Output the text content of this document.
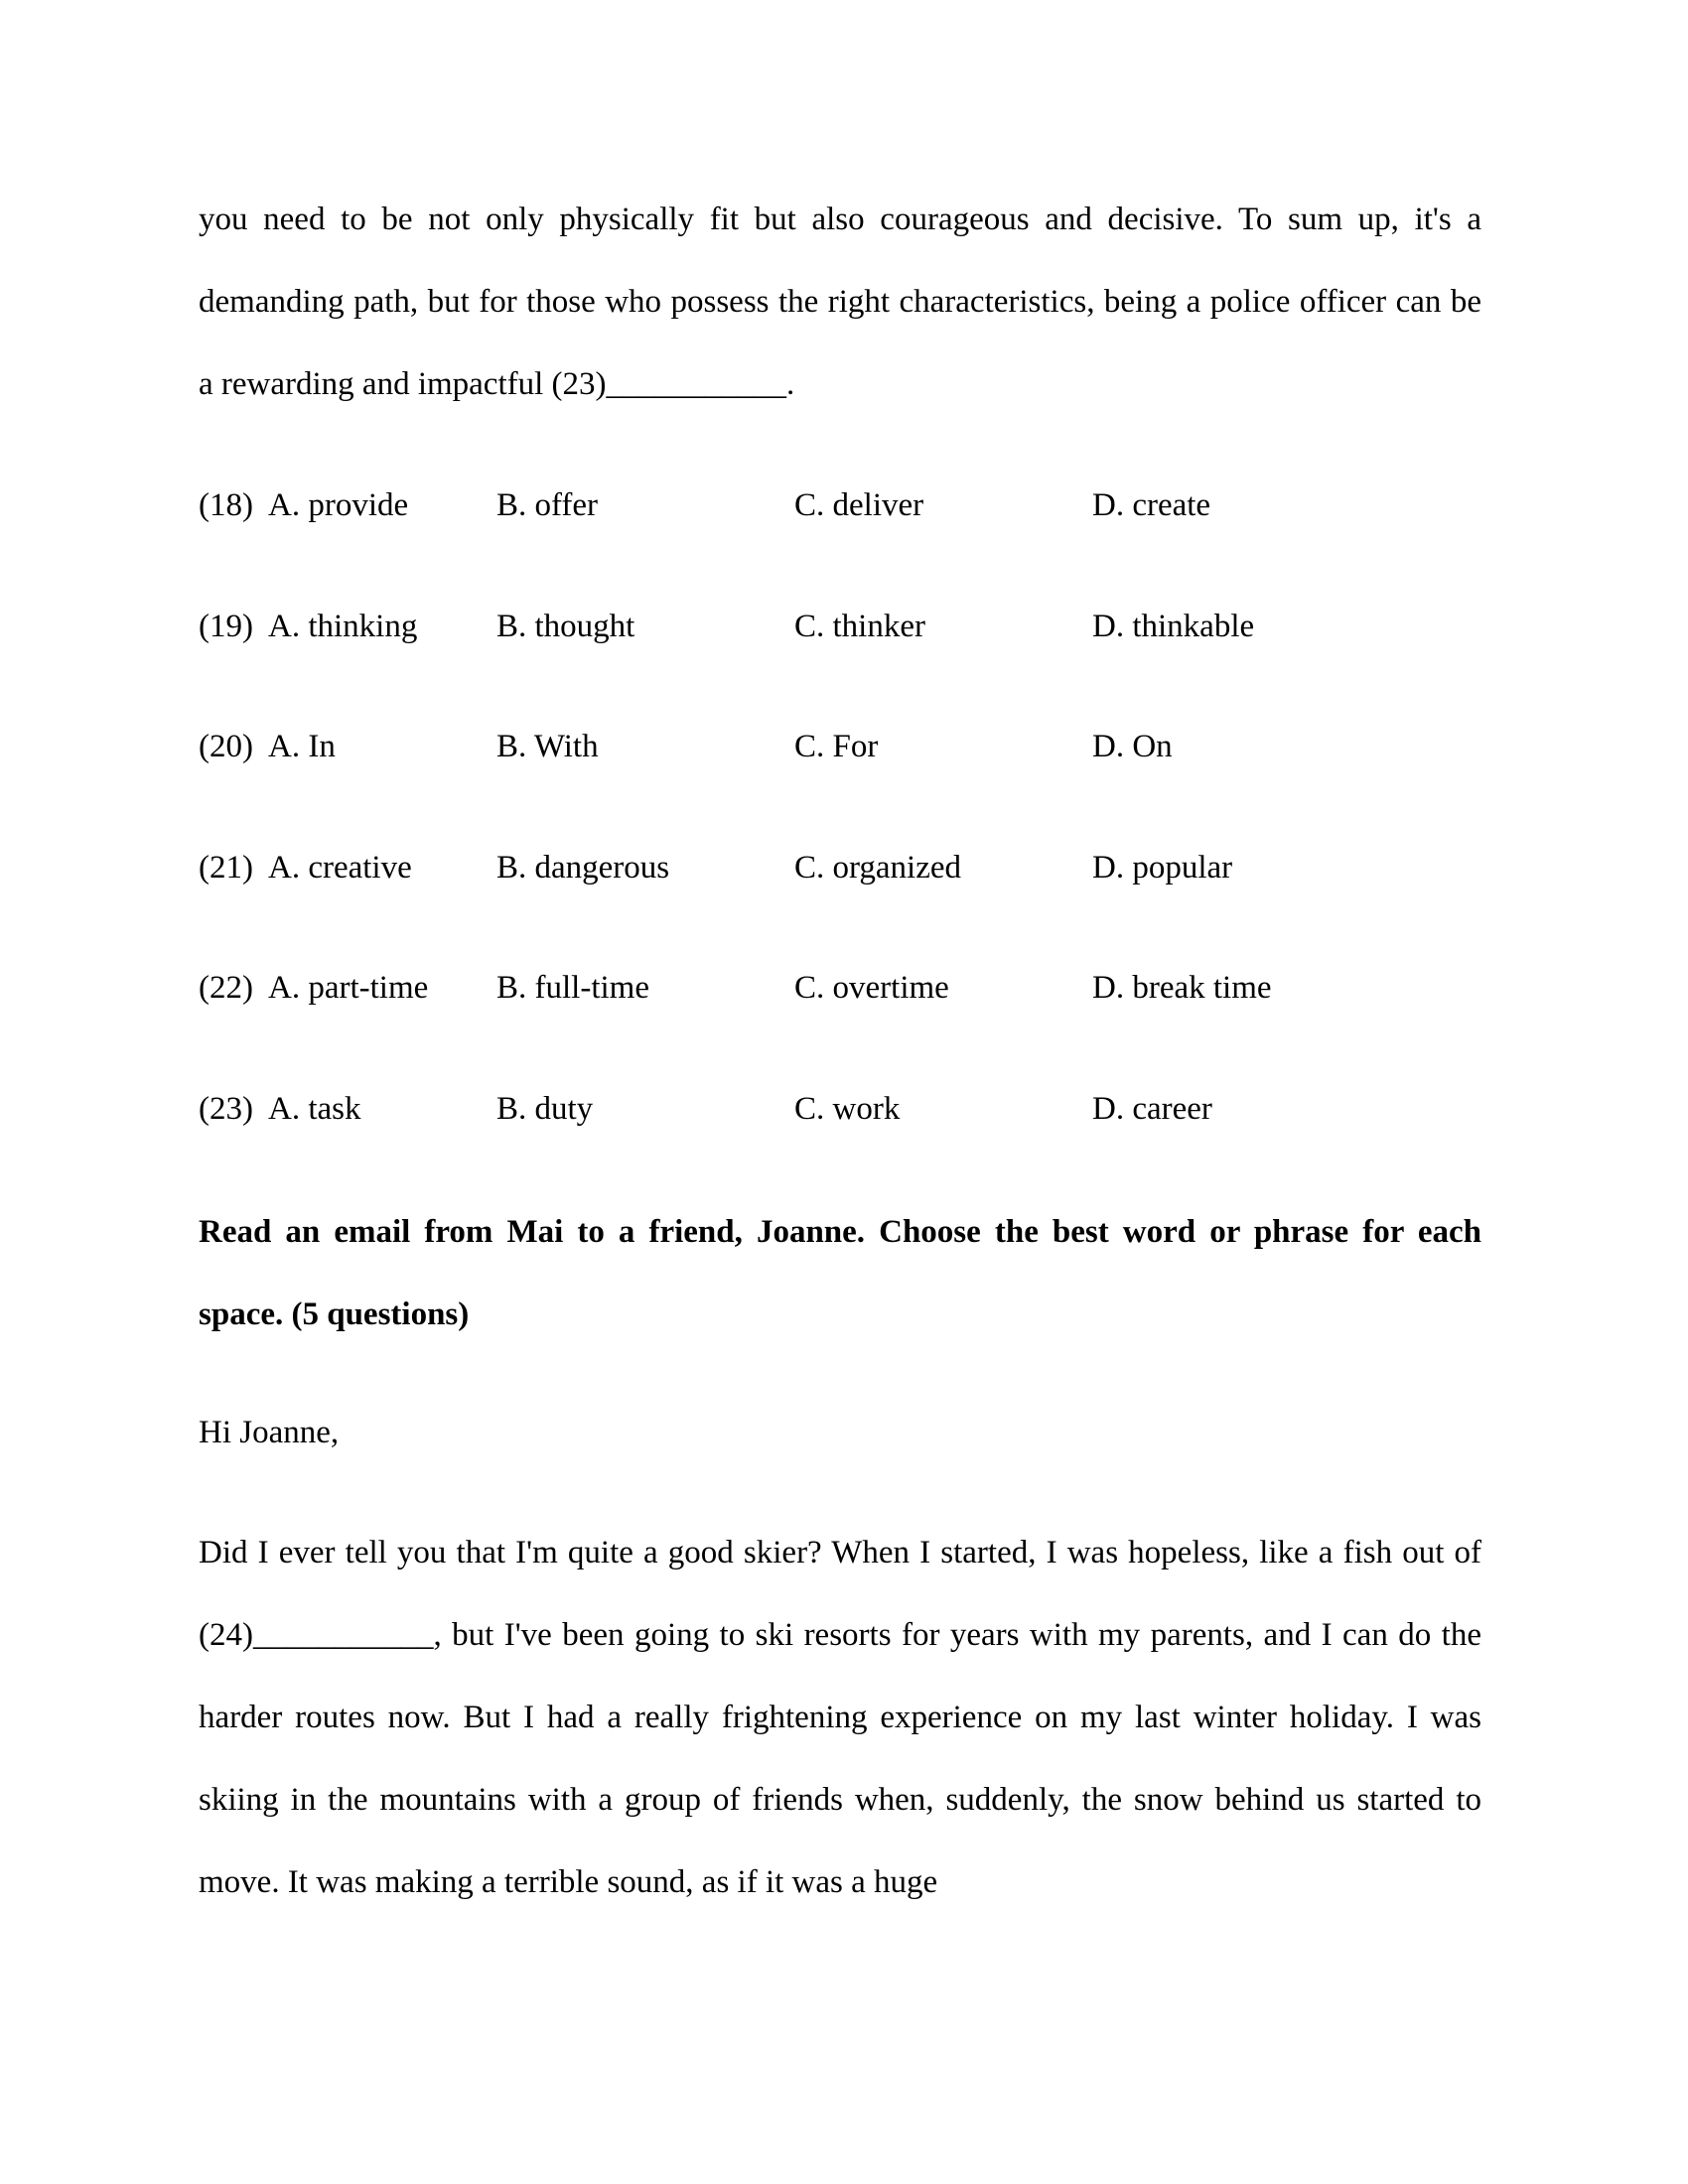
you need to be not only physically fit but also courageous and decisive. To sum up, it's a demanding path, but for those who possess the right characteristics, being a police officer can be a rewarding and impactful (23)___________.
(18) A. provide	B. offer	C. deliver	D. create
(19) A. thinking B. thought	C. thinker	D. thinkable
(20) A. In	B. With	C. For	D. On
(21) A. creative	B. dangerous	C. organized	D. popular
(22) A. part-time B. full-time	C. overtime	D. break time
(23) A. task	B. duty	C. work	D. career
Read an email from Mai to a friend, Joanne. Choose the best word or phrase for each space. (5 questions)
Hi Joanne,
Did I ever tell you that I'm quite a good skier? When I started, I was hopeless, like a fish out of (24)___________, but I've been going to ski resorts for years with my parents, and I can do the harder routes now. But I had a really frightening experience on my last winter holiday. I was skiing in the mountains with a group of friends when, suddenly, the snow behind us started to move. It was making a terrible sound, as if it was a huge
